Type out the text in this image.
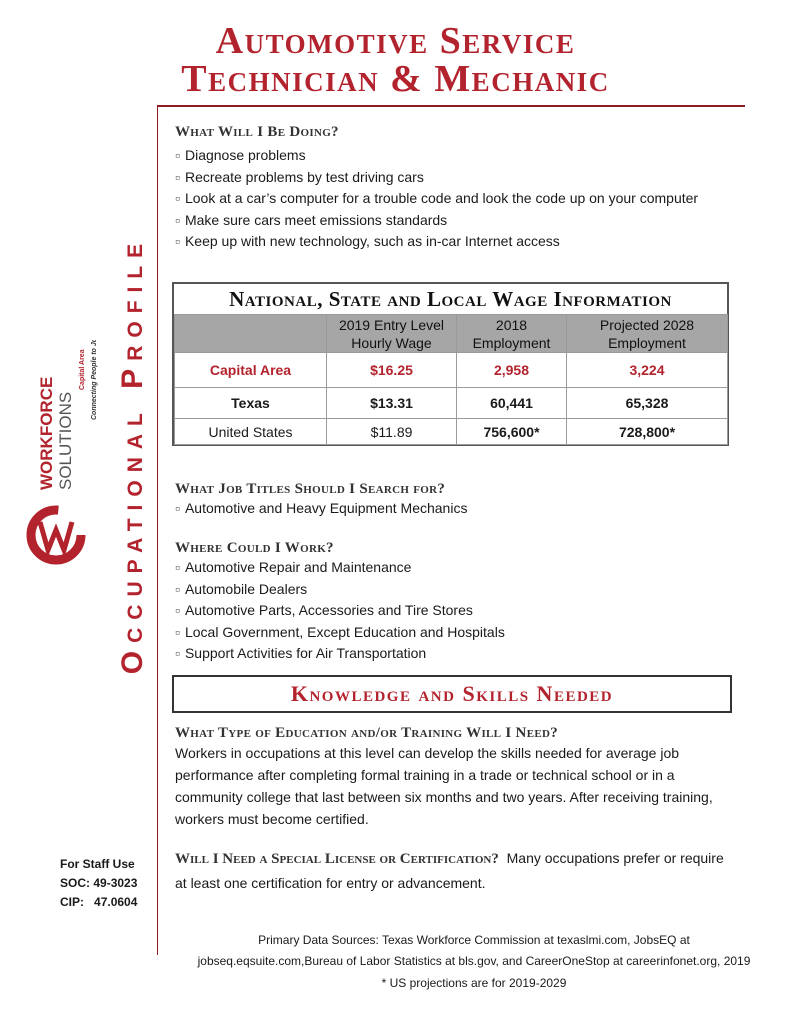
Automotive Service
Technician & Mechanic
Occupational Profile
WORKFORCE SOLUTIONS
Capital Area Connecting People to Jobs
What Will I Be Doing?
▫ Diagnose problems
▫ Recreate problems by test driving cars
▫ Look at a car’s computer for a trouble code and look the code up on your computer
▫ Make sure cars meet emissions standards
▫ Keep up with new technology, such as in-car Internet access
National, State and Local Wage Information
	2019 Entry Level Hourly Wage	2018 Employment	Projected 2028 Employment
Capital Area	$16.25	2,958	3,224
Texas	$13.31	60,441	65,328
United States	$11.89	756,600*	728,800*
What Job Titles Should I Search for?
▫ Automotive and Heavy Equipment Mechanics
Where Could I Work?
▫ Automotive Repair and Maintenance
▫ Automobile Dealers
▫ Automotive Parts, Accessories and Tire Stores
▫ Local Government, Except Education and Hospitals
▫ Support Activities for Air Transportation
Knowledge and Skills Needed
What Type of Education and/or Training Will I Need?
Workers in occupations at this level can develop the skills needed for average job performance after completing formal training in a trade or technical school or in a community college that last between six months and two years. After receiving training, workers must become certified.
Will I Need a Special License or Certification? Many occupations prefer or require at least one certification for entry or advancement.
For Staff Use
SOC: 49-3023
CIP: 47.0604
Primary Data Sources: Texas Workforce Commission at texaslmi.com, JobsEQ at
jobseq.eqsuite.com,Bureau of Labor Statistics at bls.gov, and CareerOneStop at careerinfonet.org, 2019
* US projections are for 2019-2029
